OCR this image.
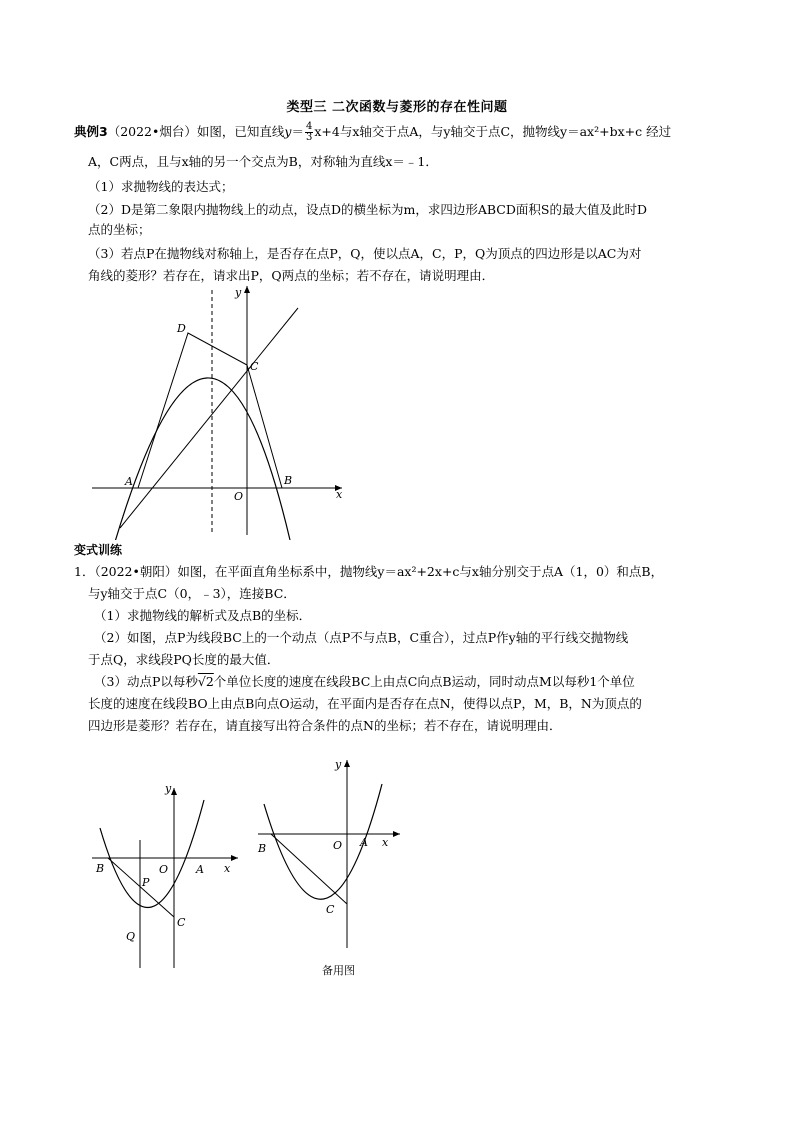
类型三 二次函数与菱形的存在性问题
典例3（2022•烟台）如图，已知直线$y= \frac{4}{3} x+4$与x轴交于点A，与y轴交于点C，抛物线y＝ax²+bx+c 经过
A，C两点，且与x轴的另一个交点为B，对称轴为直线x＝﹣1．
（1）求抛物线的表达式；
（2）D是第二象限内抛物线上的动点，设点D的横坐标为m，求四边形ABCD面积S的最大值及此时D
点的坐标；
（3）若点P在抛物线对称轴上，是否存在点P，Q，使以点A，C，P，Q为顶点的四边形是以AC为对
角线的菱形？若存在，请求出P，Q两点的坐标；若不存在，请说明理由．
y
D
C
A
O
B
x
变式训练
1．（2022•朝阳）如图，在平面直角坐标系中，抛物线y＝ax²+2x+c与x轴分别交于点A（1，0）和点B，
与y轴交于点C（0，﹣3），连接BC．
（1）求抛物线的解析式及点B的坐标．
（2）如图，点P为线段BC上的一个动点（点P不与点B，C重合），过点P作y轴的平行线交抛物线
于点Q，求线段PQ长度的最大值．
（3）动点P以每秒√2个单位长度的速度在线段BC上由点C向点B运动，同时动点M以每秒1个单位
长度的速度在线段BO上由点B向点O运动，在平面内是否存在点N，使得以点P，M，B，N为顶点的
四边形是菱形？若存在，请直接写出符合条件的点N的坐标；若不存在，请说明理由．
y
B	O	A x
P
Q
C
y
B	O A x
C
备用图
